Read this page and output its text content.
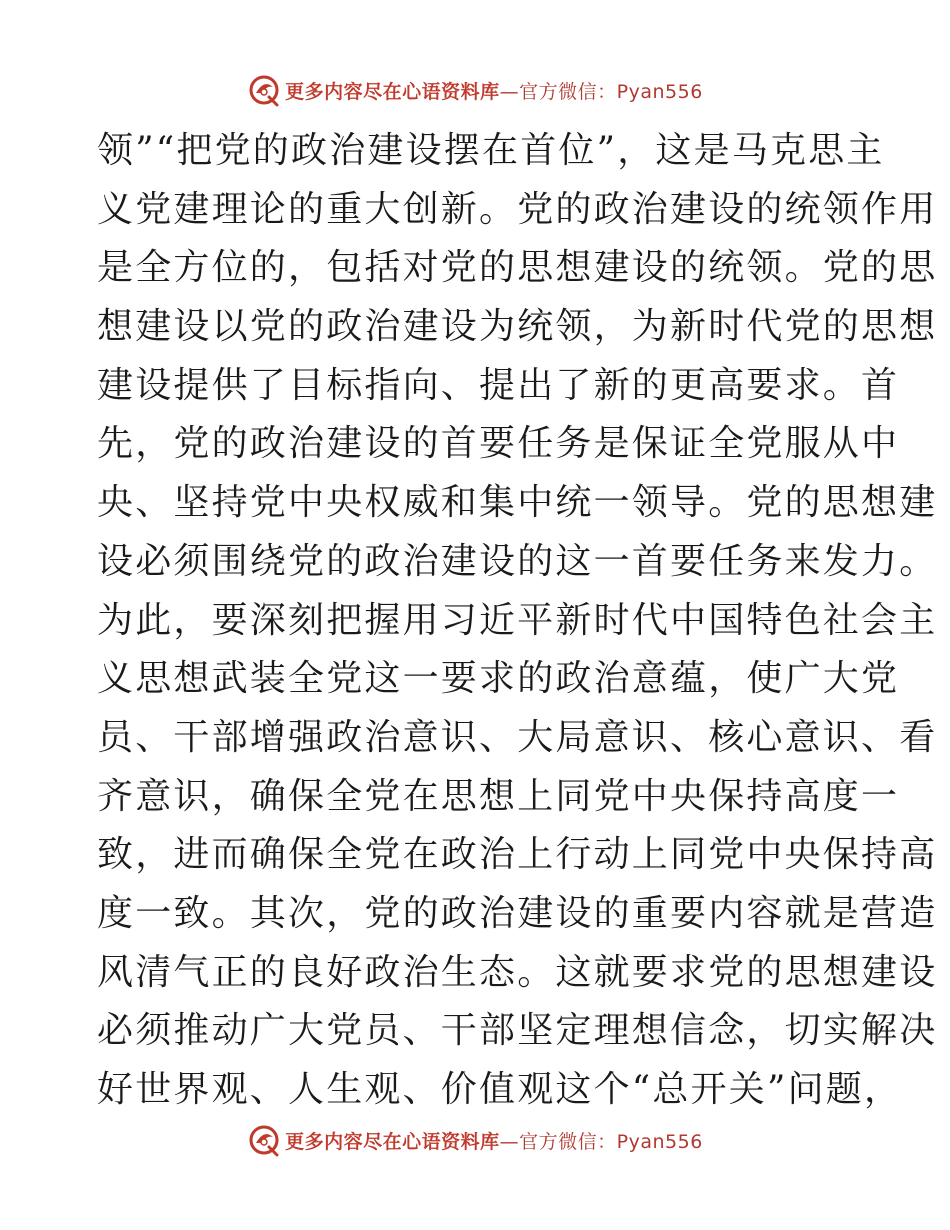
更多内容尽在心语资料库—官方微信：Pyan556
领”“把党的政治建设摆在首位”，这是马克思主
义党建理论的重大创新。党的政治建设的统领作用
是全方位的，包括对党的思想建设的统领。党的思
想建设以党的政治建设为统领，为新时代党的思想
建设提供了目标指向、提出了新的更高要求。首
先，党的政治建设的首要任务是保证全党服从中
央、坚持党中央权威和集中统一领导。党的思想建
设必须围绕党的政治建设的这一首要任务来发力。
为此，要深刻把握用习近平新时代中国特色社会主
义思想武装全党这一要求的政治意蕴，使广大党
员、干部增强政治意识、大局意识、核心意识、看
齐意识，确保全党在思想上同党中央保持高度一
致，进而确保全党在政治上行动上同党中央保持高
度一致。其次，党的政治建设的重要内容就是营造
风清气正的良好政治生态。这就要求党的思想建设
必须推动广大党员、干部坚定理想信念，切实解决
好世界观、人生观、价值观这个“总开关”问题，
更多内容尽在心语资料库—官方微信：Pyan556
